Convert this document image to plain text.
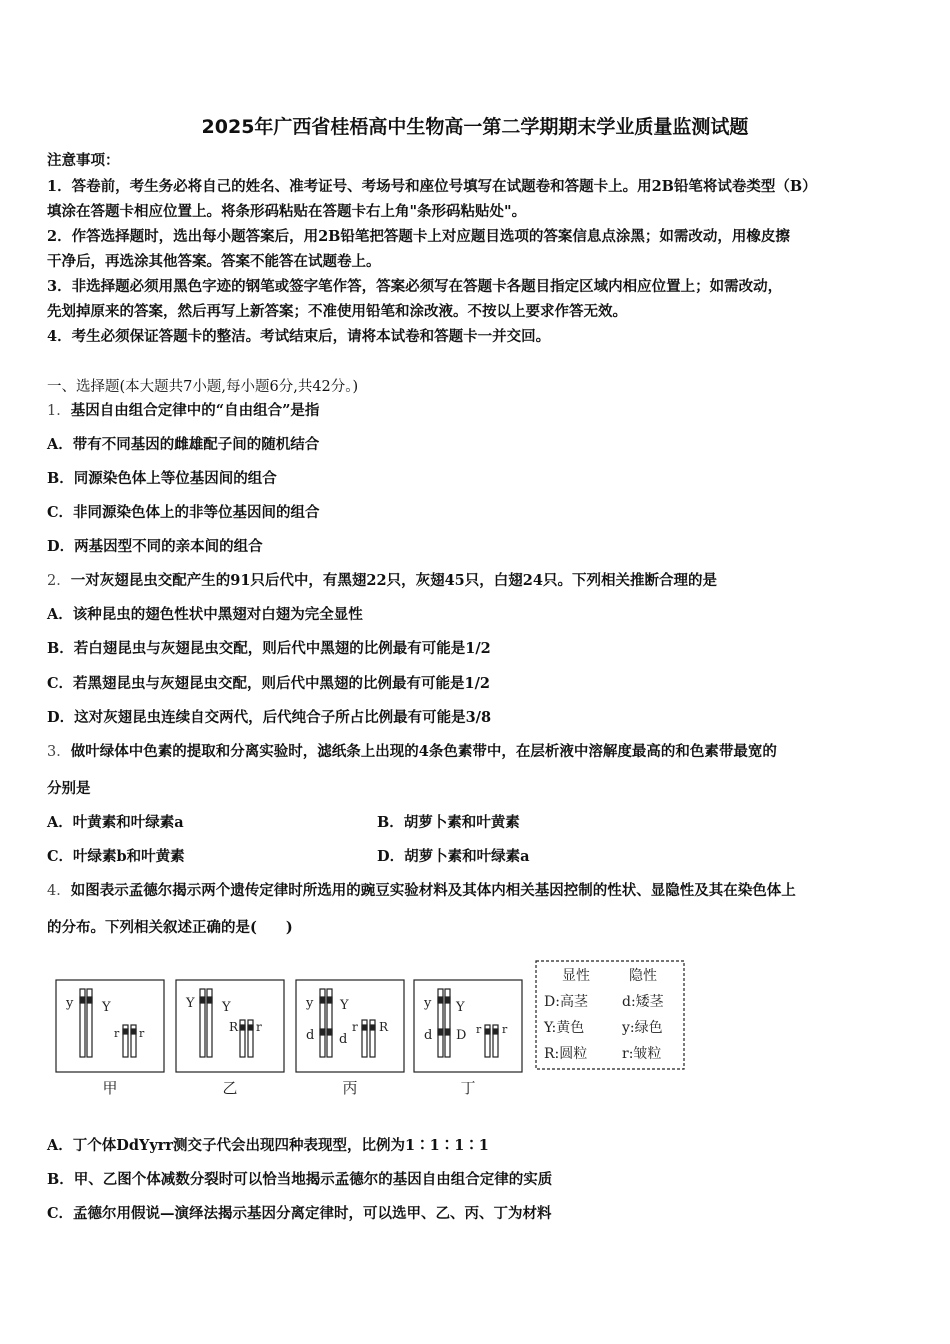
2025年广西省桂梧高中生物高一第二学期期末学业质量监测试题
注意事项：
1．答卷前，考生务必将自己的姓名、准考证号、考场号和座位号填写在试题卷和答题卡上。用2B铅笔将试卷类型（B）
填涂在答题卡相应位置上。将条形码粘贴在答题卡右上角"条形码粘贴处"。
2．作答选择题时，选出每小题答案后，用2B铅笔把答题卡上对应题目选项的答案信息点涂黑；如需改动，用橡皮擦
干净后，再选涂其他答案。答案不能答在试题卷上。
3．非选择题必须用黑色字迹的钢笔或签字笔作答，答案必须写在答题卡各题目指定区域内相应位置上；如需改动，
先划掉原来的答案，然后再写上新答案；不准使用铅笔和涂改液。不按以上要求作答无效。
4．考生必须保证答题卡的整洁。考试结束后，请将本试卷和答题卡一并交回。
一、选择题(本大题共7小题,每小题6分,共42分。)
1．基因自由组合定律中的“自由组合”是指
A．带有不同基因的雌雄配子间的随机结合
B．同源染色体上等位基因间的组合
C．非同源染色体上的非等位基因间的组合
D．两基因型不同的亲本间的组合
2．一对灰翅昆虫交配产生的91只后代中，有黑翅22只，灰翅45只，白翅24只。下列相关推断合理的是
A．该种昆虫的翅色性状中黑翅对白翅为完全显性
B．若白翅昆虫与灰翅昆虫交配，则后代中黑翅的比例最有可能是1/2
C．若黑翅昆虫与灰翅昆虫交配，则后代中黑翅的比例最有可能是1/2
D．这对灰翅昆虫连续自交两代，后代纯合子所占比例最有可能是3/8
3．做叶绿体中色素的提取和分离实验时，滤纸条上出现的4条色素带中，在层析液中溶解度最高的和色素带最宽的
分别是
A．叶黄素和叶绿素a	B．胡萝卜素和叶黄素
C．叶绿素b和叶黄素	D．胡萝卜素和叶绿素a
4．如图表示孟德尔揭示两个遗传定律时所选用的豌豆实验材料及其体内相关基因控制的性状、显隐性及其在染色体上
的分布。下列相关叙述正确的是(　　)
y Y
r r
Y Y
R r
y Y
d d
r R
y Y
d D r r
甲	乙	丙	丁
显性	隐性
D:高茎 d:矮茎
Y:黄色	y:绿色
R:圆粒 r:皱粒
A．丁个体DdYyrr测交子代会出现四种表现型，比例为1∶1∶1∶1
B．甲、乙图个体减数分裂时可以恰当地揭示孟德尔的基因自由组合定律的实质
C．孟德尔用假说—演绎法揭示基因分离定律时，可以选甲、乙、丙、丁为材料
